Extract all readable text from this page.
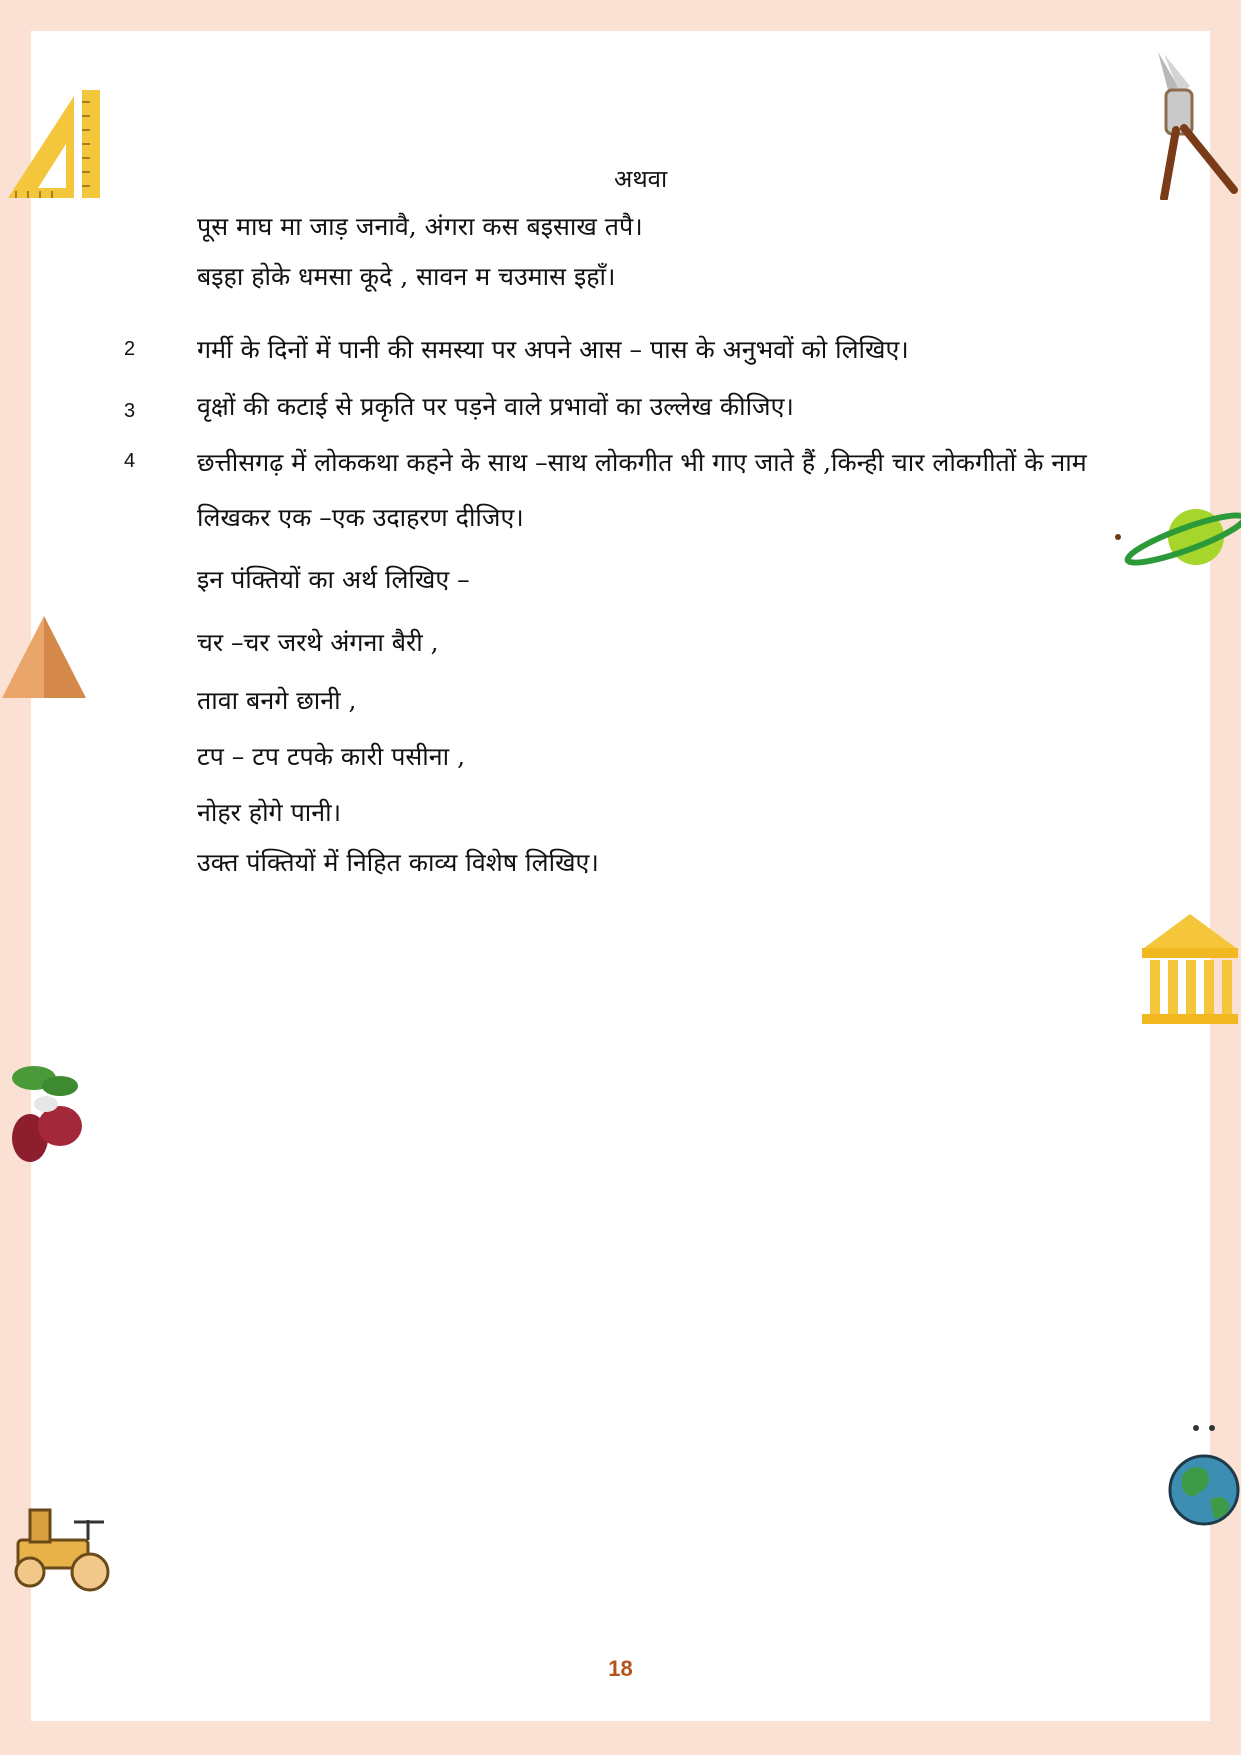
अथवा
पूस माघ मा जाड़ जनावै, अंगरा कस बइसाख तपै।
बइहा होके धमसा कूदे , सावन म चउमास इहाँ।
2 गर्मी के दिनों में पानी की समस्या पर अपने आस – पास के अनुभवों को लिखिए।
3 वृक्षों की कटाई से प्रकृति पर पड़ने वाले प्रभावों का उल्लेख कीजिए।
4 छत्तीसगढ़ में लोककथा कहने के साथ –साथ लोकगीत भी गाए जाते हैं ,किन्ही चार लोकगीतों के नाम
लिखकर एक –एक उदाहरण दीजिए।
इन पंक्तियों का अर्थ लिखिए –
चर –चर जरथे अंगना बैरी ,
तावा बनगे छानी ,
टप – टप टपके कारी पसीना ,
नोहर होगे पानी।
उक्त पंक्तियों में निहित काव्य विशेष लिखिए।
18
